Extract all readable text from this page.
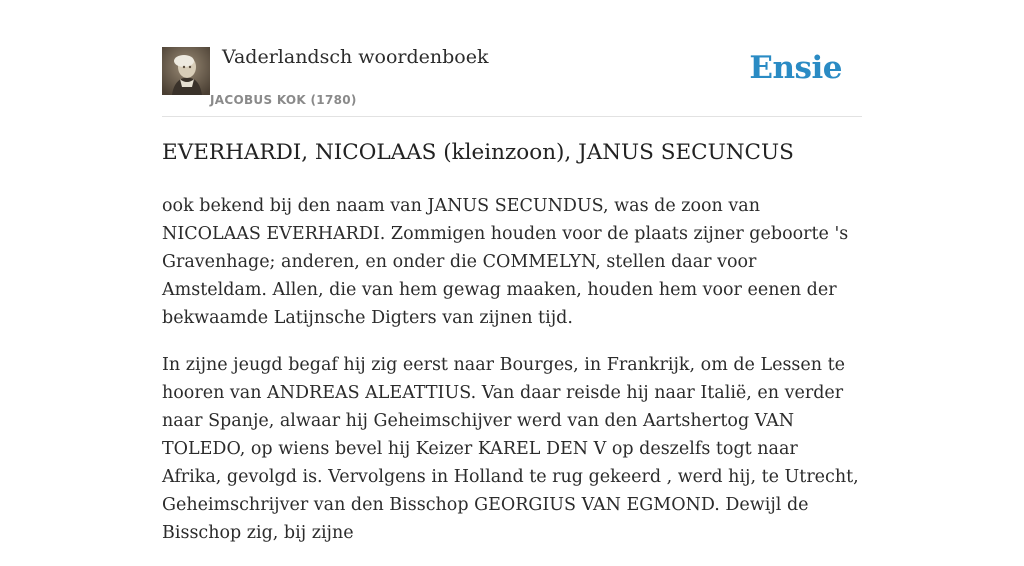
Vaderlandsch woordenboek
JACOBUS KOK (1780)
Ensie
EVERHARDI, NICOLAAS (kleinzoon), JANUS SECUNCUS

ook bekend bij den naam van JANUS SECUNDUS, was de zoon van NICOLAAS EVERHARDI. Zommigen houden voor de plaats zijner geboorte 's Gravenhage; anderen, en onder die COMMELYN, stellen daar voor Amsteldam. Allen, die van hem gewag maaken, houden hem voor eenen der bekwaamde Latijnsche Digters van zijnen tijd.

In zijne jeugd begaf hij zig eerst naar Bourges, in Frankrijk, om de Lessen te hooren van ANDREAS ALEATTIUS. Van daar reisde hij naar Italië, en verder naar Spanje, alwaar hij Geheimschijver werd van den Aartshertog VAN TOLEDO, op wiens bevel hij Keizer KAREL DEN V op deszelfs togt naar Afrika, gevolgd is. Vervolgens in Holland te rug gekeerd , werd hij, te Utrecht, Geheimschrijver van den Bisschop GEORGIUS VAN EGMOND. Dewijl de Bisschop zig, bij zijne
